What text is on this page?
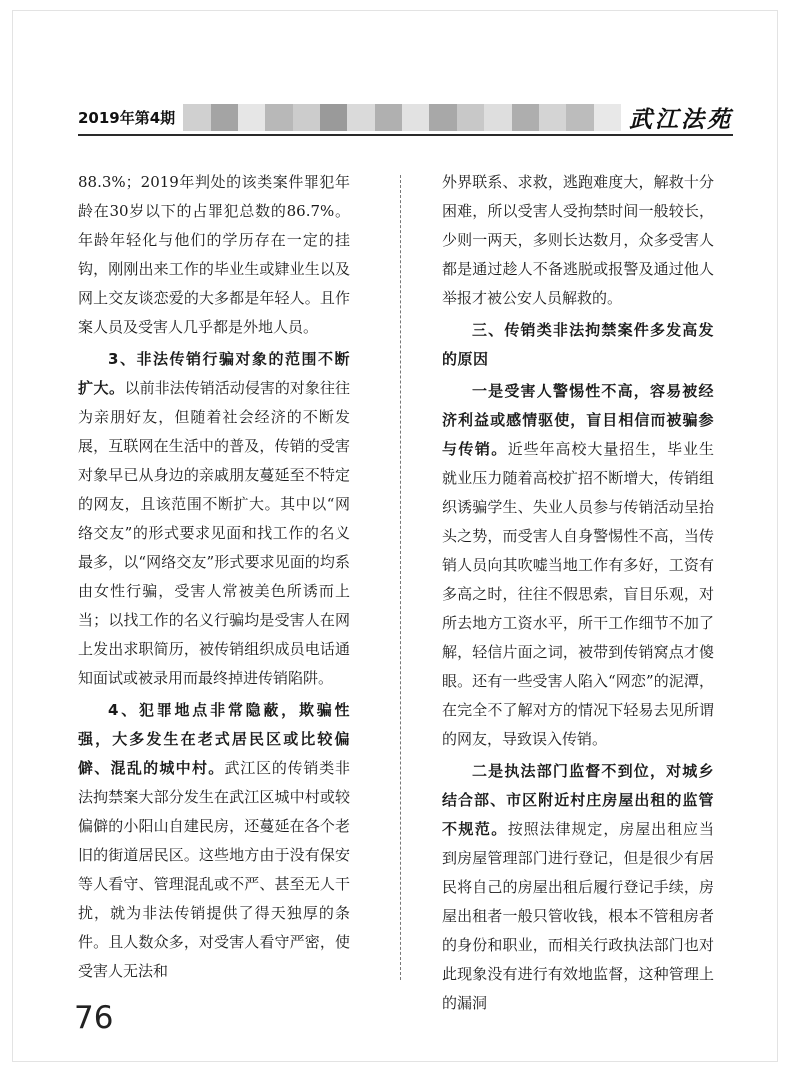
2019年第4期	武江法苑

88.3%；2019年判处的该类案件罪犯年龄在30岁以下的占罪犯总数的86.7%。年龄年轻化与他们的学历存在一定的挂钩，刚刚出来工作的毕业生或肄业生以及网上交友谈恋爱的大多都是年轻人。且作案人员及受害人几乎都是外地人员。

3、非法传销行骗对象的范围不断扩大。以前非法传销活动侵害的对象往往为亲朋好友，但随着社会经济的不断发展，互联网在生活中的普及，传销的受害对象早已从身边的亲戚朋友蔓延至不特定的网友，且该范围不断扩大。其中以“网络交友”的形式要求见面和找工作的名义最多，以“网络交友”形式要求见面的均系由女性行骗，受害人常被美色所诱而上当；以找工作的名义行骗均是受害人在网上发出求职简历，被传销组织成员电话通知面试或被录用而最终掉进传销陷阱。

4、犯罪地点非常隐蔽，欺骗性强，大多发生在老式居民区或比较偏僻、混乱的城中村。武江区的传销类非法拘禁案大部分发生在武江区城中村或较偏僻的小阳山自建民房，还蔓延在各个老旧的街道居民区。这些地方由于没有保安等人看守、管理混乱或不严、甚至无人干扰，就为非法传销提供了得天独厚的条件。且人数众多，对受害人看守严密，使受害人无法和

外界联系、求救，逃跑难度大，解救十分困难，所以受害人受拘禁时间一般较长，少则一两天，多则长达数月，众多受害人都是通过趁人不备逃脱或报警及通过他人举报才被公安人员解救的。

三、传销类非法拘禁案件多发高发的原因

一是受害人警惕性不高，容易被经济利益或感情驱使，盲目相信而被骗参与传销。近些年高校大量招生，毕业生就业压力随着高校扩招不断增大，传销组织诱骗学生、失业人员参与传销活动呈抬头之势，而受害人自身警惕性不高，当传销人员向其吹嘘当地工作有多好，工资有多高之时，往往不假思索，盲目乐观，对所去地方工资水平，所干工作细节不加了解，轻信片面之词，被带到传销窝点才傻眼。还有一些受害人陷入“网恋”的泥潭，在完全不了解对方的情况下轻易去见所谓的网友，导致误入传销。

二是执法部门监督不到位，对城乡结合部、市区附近村庄房屋出租的监管不规范。按照法律规定，房屋出租应当到房屋管理部门进行登记，但是很少有居民将自己的房屋出租后履行登记手续，房屋出租者一般只管收钱，根本不管租房者的身份和职业，而相关行政执法部门也对此现象没有进行有效地监督，这种管理上的漏洞

76
